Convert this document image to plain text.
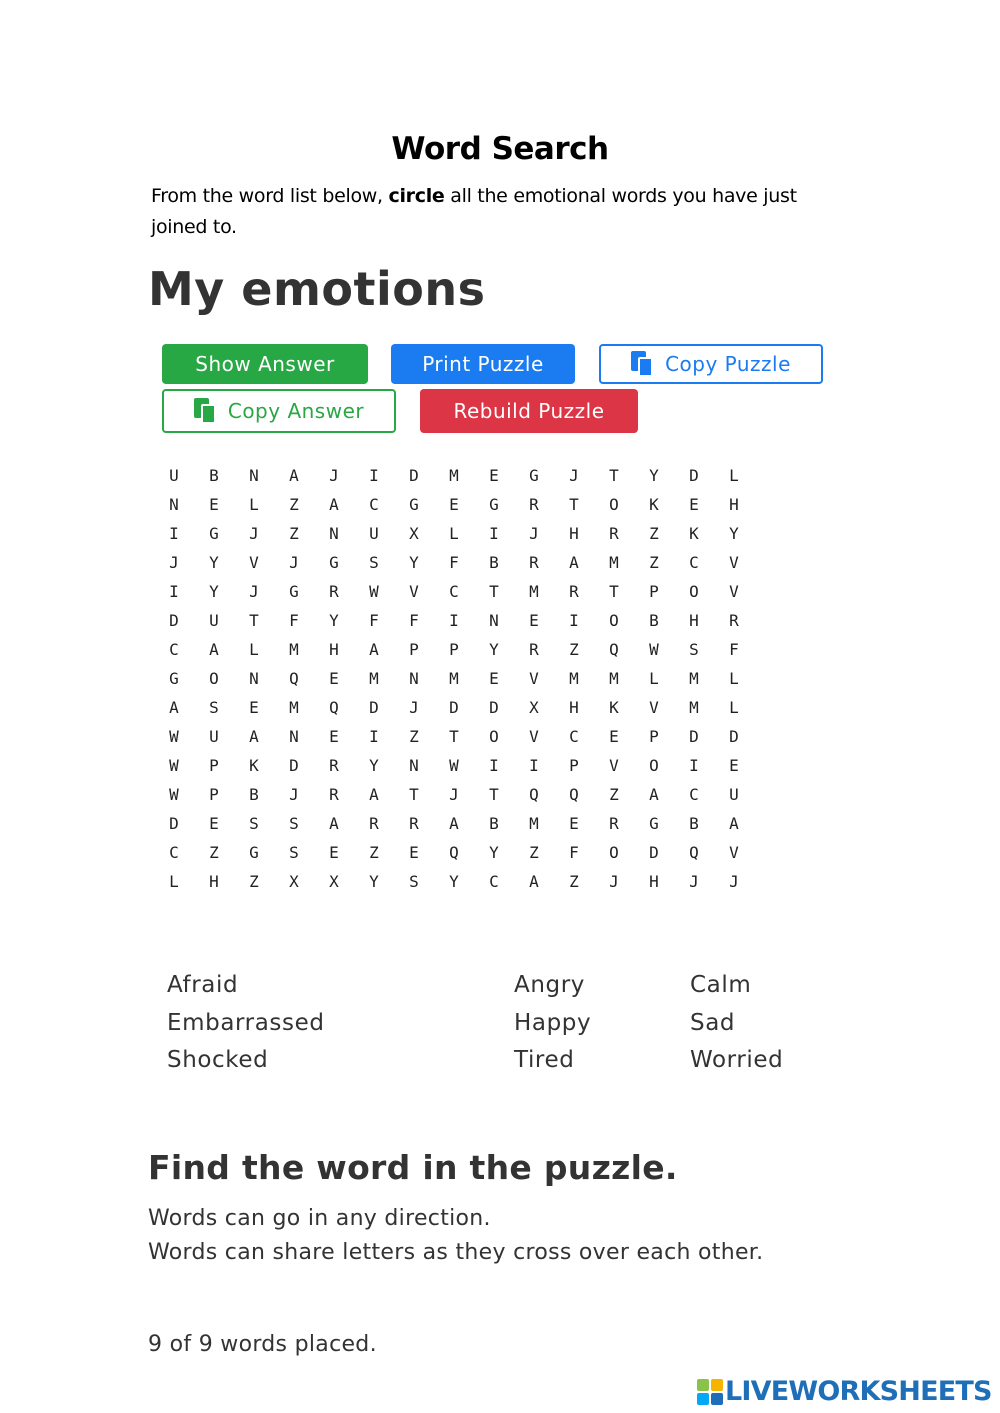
Word Search
From the word list below, circle all the emotional words you have just joined to.
My emotions
Show Answer	Print Puzzle	Copy Puzzle
Copy Answer	Rebuild Puzzle
U	B	N	A	J	I	D	M	E	G	J	T	Y	D	L
N	E	L	Z	A	C	G	E	G	R	T	O	K	E	H
I	G	J	Z	N	U	X	L	I	J	H	R	Z	K	Y
J	Y	V	J	G	S	Y	F	B	R	A	M	Z	C	V
I	Y	J	G	R	W	V	C	T	M	R	T	P	O	V
D	U	T	F	Y	F	F	I	N	E	I	O	B	H	R
C	A	L	M	H	A	P	P	Y	R	Z	Q	W	S	F
G	O	N	Q	E	M	N	M	E	V	M	M	L	M	L
A	S	E	M	Q	D	J	D	D	X	H	K	V	M	L
W	U	A	N	E	I	Z	T	O	V	C	E	P	D	D
W	P	K	D	R	Y	N	W	I	I	P	V	O	I	E
W	P	B	J	R	A	T	J	T	Q	Q	Z	A	C	U
D	E	S	S	A	R	R	A	B	M	E	R	G	B	A
C	Z	G	S	E	Z	E	Q	Y	Z	F	O	D	Q	V
L	H	Z	X	X	Y	S	Y	C	A	Z	J	H	J	J
Afraid	Angry	Calm
Embarrassed	Happy	Sad
Shocked	Tired	Worried
Find the word in the puzzle.
Words can go in any direction.
Words can share letters as they cross over each other.
9 of 9 words placed.
LIVEWORKSHEETS
